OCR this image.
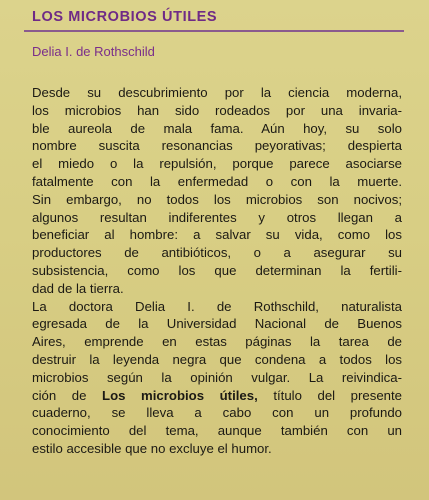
LOS MICROBIOS ÚTILES

Delia I. de Rothschild

Desde su descubrimiento por la ciencia moderna,
los microbios han sido rodeados por una invaria-
ble aureola de mala fama. Aún hoy, su solo
nombre suscita resonancias peyorativas; despierta
el miedo o la repulsión, porque parece asociarse
fatalmente con la enfermedad o con la muerte.
Sin embargo, no todos los microbios son nocivos;
algunos resultan indiferentes y otros llegan a
beneficiar al hombre: a salvar su vida, como los
productores de antibióticos, o a asegurar su
subsistencia, como los que determinan la fertili-
dad de la tierra.
La doctora Delia I. de Rothschild, naturalista
egresada de la Universidad Nacional de Buenos
Aires, emprende en estas páginas la tarea de
destruir la leyenda negra que condena a todos los
microbios según la opinión vulgar. La reivindica-
ción de Los microbios útiles, título del presente
cuaderno, se lleva a cabo con un profundo
conocimiento del tema, aunque también con un
estilo accesible que no excluye el humor.
